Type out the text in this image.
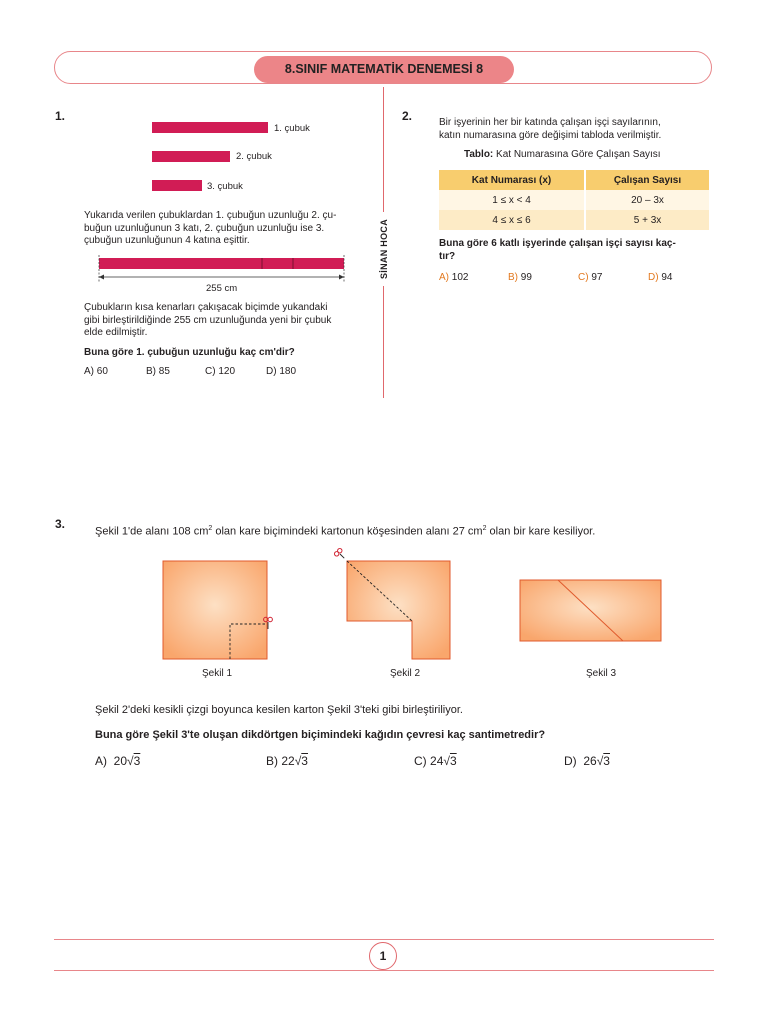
8.SINIF MATEMATİK DENEMESİ 8
SİNAN HOCA
1.
1. çubuk
2. çubuk
3. çubuk
Yukarıda verilen çubuklardan 1. çubuğun uzunluğu 2. çu-
buğun uzunluğunun 3 katı, 2. çubuğun uzunluğu ise 3.
çubuğun uzunluğunun 4 katına eşittir.
255 cm
Çubukların kısa kenarları çakışacak biçimde yukandaki
gibi birleştirildiğinde 255 cm uzunluğunda yeni bir çubuk
elde edilmiştir.
Buna göre 1. çubuğun uzunluğu kaç cm'dir?
A) 60	B) 85	C) 120	D) 180
2.	Bir işyerinin her bir katında çalışan işçi sayılarının,
katın numarasına göre değişimi tabloda verilmiştir.
Tablo: Kat Numarasına Göre Çalışan Sayısı
Kat Numarası (x)	Çalışan Sayısı
1 ≤ x < 4	20 – 3x
4 ≤ x ≤ 6	5 + 3x
Buna göre 6 katlı işyerinde çalışan işçi sayısı kaç-
tır?
A) 102	B) 99	C) 97	D) 94
3.
Şekil 1'de alanı 108 $cm^2$ olan kare biçimindeki kartonun köşesinden alanı 27 $cm^2$ olan bir kare kesiliyor.
Şekil 1	Şekil 2	Şekil 3
Şekil 2'deki kesikli çizgi boyunca kesilen karton Şekil 3'teki gibi birleştiriliyor.
Buna göre Şekil 3'te oluşan dikdörtgen biçimindeki kağıdın çevresi kaç santimetredir?
A) 20√3	B) 22√3	C) 24√3	D) 26√3
1
